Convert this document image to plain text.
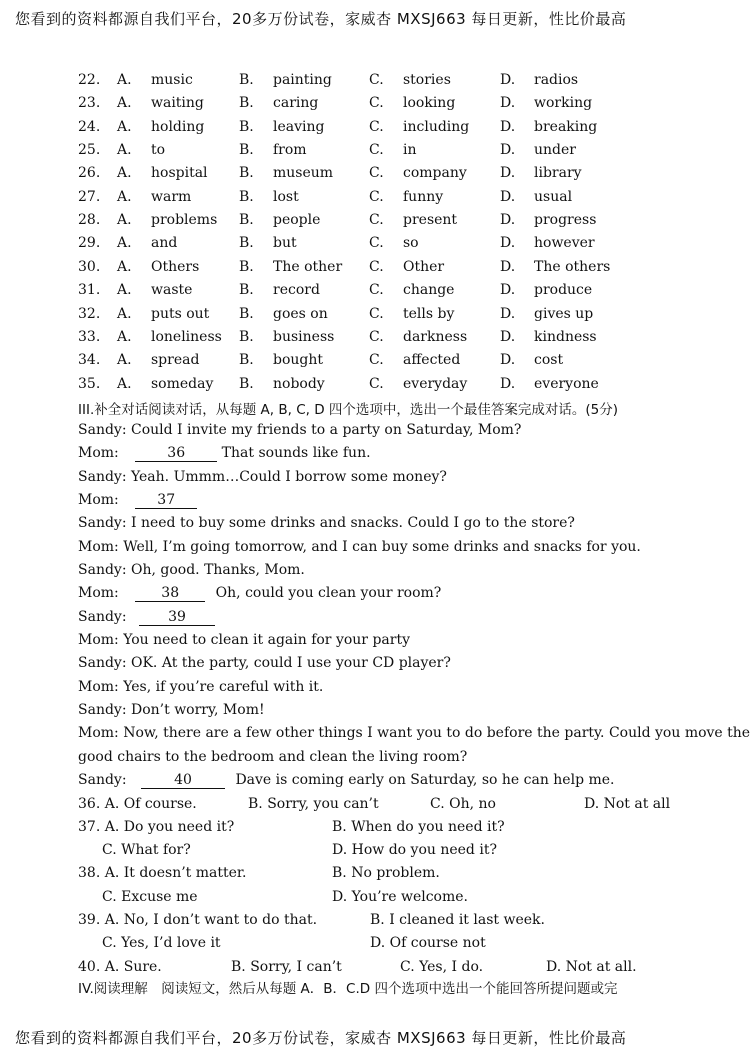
您看到的资料都源自我们平台，20多万份试卷，家威杏 MXSJ663 每日更新，性比价最高
22. A. music	B. painting	C. stories	D. radios
23. A. waiting	B. caring	C. looking	D. working
24. A. holding B. leaving	C. including D. breaking
25. A. to	B. from	C. in	D. under
26. A. hospital B. museum	C. company D. library
27. A. warm	B. lost	C. funny	D. usual
28. A. problems B. people	C. present	D. progress
29. A. and	B. but	C. so	D. however
30. A. Others	B. The other C. Other	D. The others
31. A. waste	B. record	C. change	D. produce
32. A. puts out B. goes on	C. tells by	D. gives up
33. A. loneliness B. business C. darkness D. kindness
34. A. spread	B. bought	C. affected	D. cost
35. A. someday B. nobody	C. everyday D. everyone
III.补全对话阅读对话，从每题 A, B, C, D 四个选项中，选出一个最佳答案完成对话。(5分)
Sandy: Could I invite my friends to a party on Saturday, Mom?
Mom:	36	That sounds like fun.
Sandy: Yeah. Ummm…Could I borrow some money?
Mom:	37
Sandy: I need to buy some drinks and snacks. Could I go to the store?
Mom: Well, I’m going tomorrow, and I can buy some drinks and snacks for you.
Sandy: Oh, good. Thanks, Mom.
Mom:	38	Oh, could you clean your room?
Sandy:	39
Mom: You need to clean it again for your party
Sandy: OK. At the party, could I use your CD player?
Mom: Yes, if you’re careful with it.
Sandy: Don’t worry, Mom!
Mom: Now, there are a few other things I want you to do before the party. Could you move the
good chairs to the bedroom and clean the living room?
Sandy:	40	Dave is coming early on Saturday, so he can help me.
36. A. Of course.	B. Sorry, you can’t	C. Oh, no	D. Not at all
37. A. Do you need it?	B. When do you need it?
C. What for?	D. How do you need it?
38. A. It doesn’t matter.	B. No problem.
C. Excuse me	D. You’re welcome.
39. A. No, I don’t want to do that.	B. I cleaned it last week.
C. Yes, I’d love it	D. Of course not
40. A. Sure.	B. Sorry, I can’t	C. Yes, I do.	D. Not at all.
IV.阅读理解　阅读短文，然后从每题 A．B．C.D 四个选项中选出一个能回答所提问题或完
您看到的资料都源自我们平台，20多万份试卷，家威杏 MXSJ663 每日更新，性比价最高
